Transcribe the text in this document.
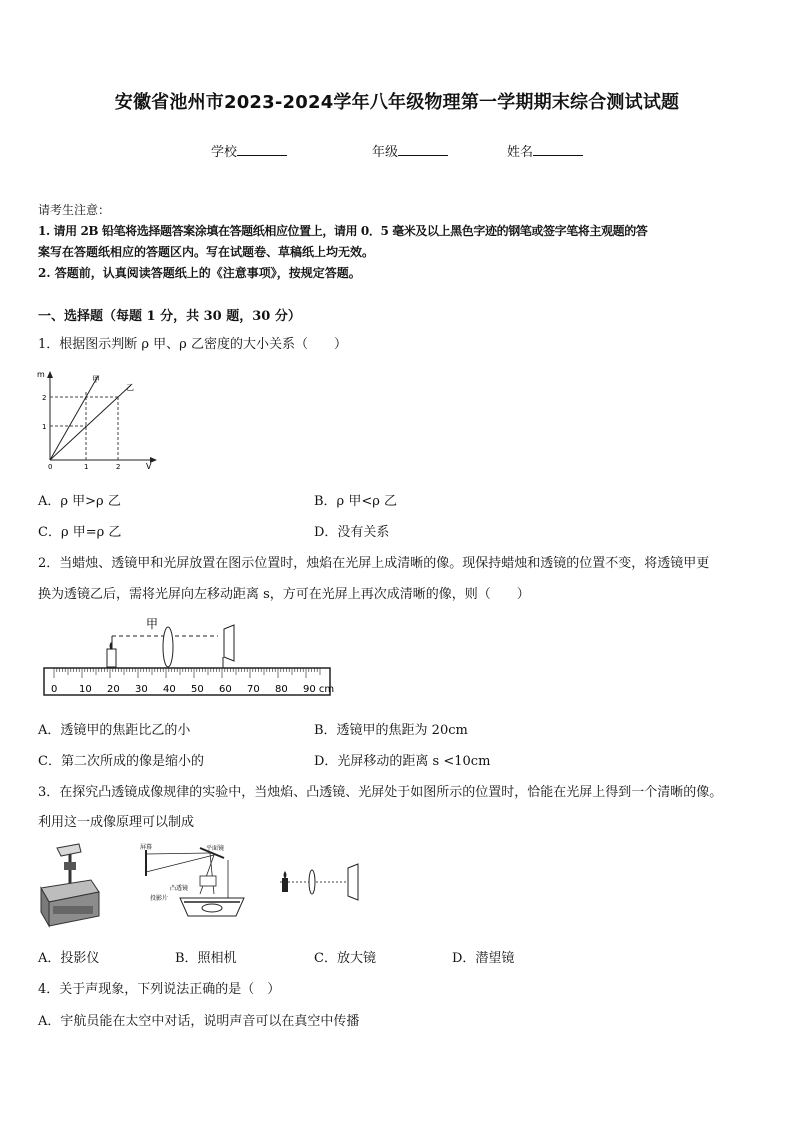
安徽省池州市2023-2024学年八年级物理第一学期期末综合测试试题
学校	年级	姓名
请考生注意：
1. 请用 2B 铅笔将选择题答案涂填在答题纸相应位置上，请用 0．5 毫米及以上黑色字迹的钢笔或签字笔将主观题的答
案写在答题纸相应的答题区内。写在试题卷、草稿纸上均无效。
2. 答题前，认真阅读答题纸上的《注意事项》，按规定答题。
一、选择题（每题 1 分，共 30 题，30 分）
1．根据图示判断 ρ 甲、ρ 乙密度的大小关系（　　）
m
V
0	1	2
1
2
甲
乙
A．ρ 甲>ρ 乙	B．ρ 甲<ρ 乙
C．ρ 甲=ρ 乙	D．没有关系
2．当蜡烛、透镜甲和光屏放置在图示位置时，烛焰在光屏上成清晰的像。现保持蜡烛和透镜的位置不变，将透镜甲更
换为透镜乙后，需将光屏向左移动距离 s，方可在光屏上再次成清晰的像，则（　　）
甲
0 10 20 30 40 50 60 70 80 90 cm
A．透镜甲的焦距比乙的小	B．透镜甲的焦距为 20cm
C．第二次所成的像是缩小的	D．光屏移动的距离 s <10cm
3．在探究凸透镜成像规律的实验中，当烛焰、凸透镜、光屏处于如图所示的位置时，恰能在光屏上得到一个清晰的像。
利用这一成像原理可以制成
屏幕	平面镜
凸透镜
投影片
A．投影仪	B．照相机	C．放大镜	D．潜望镜
4．关于声现象，下列说法正确的是（　）
A．宇航员能在太空中对话，说明声音可以在真空中传播
